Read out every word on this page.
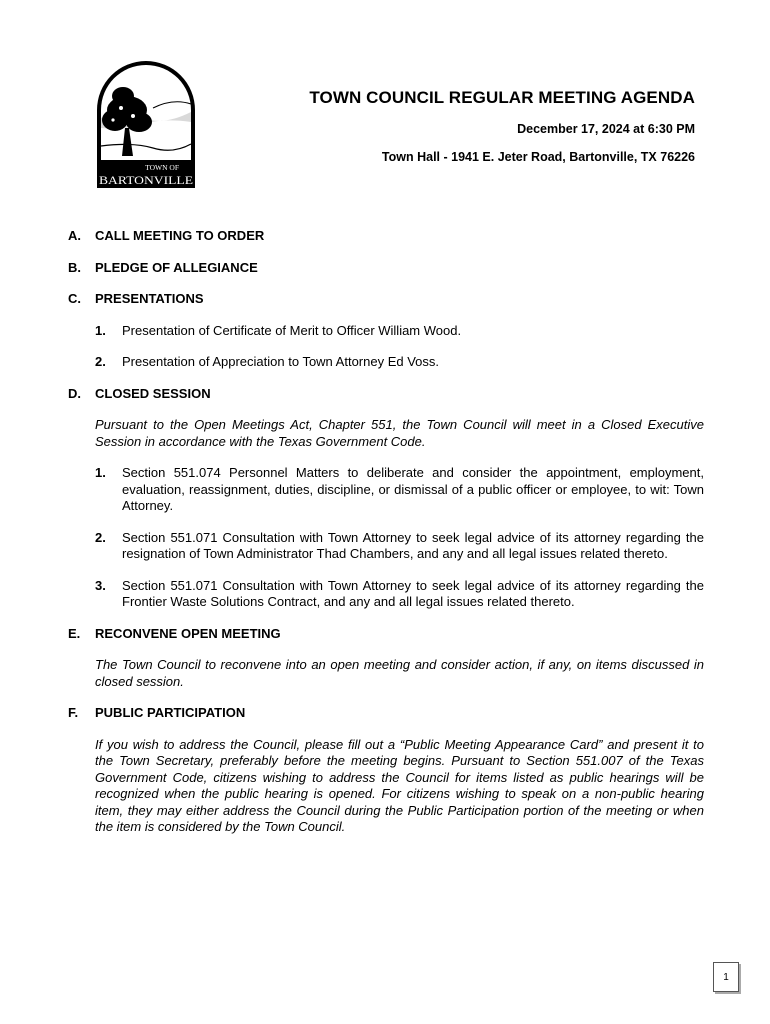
TOWN OF
BARTONVILLE

TOWN COUNCIL REGULAR MEETING AGENDA

December 17, 2024 at 6:30 PM

Town Hall - 1941 E. Jeter Road, Bartonville, TX 76226

A.	CALL MEETING TO ORDER
B.	PLEDGE OF ALLEGIANCE
C.	PRESENTATIONS
1.	Presentation of Certificate of Merit to Officer William Wood.
2.	Presentation of Appreciation to Town Attorney Ed Voss.
D.	CLOSED SESSION

Pursuant to the Open Meetings Act, Chapter 551, the Town Council will meet in a Closed Executive Session in accordance with the Texas Government Code.

1.	Section 551.074 Personnel Matters to deliberate and consider the appointment, employment, evaluation, reassignment, duties, discipline, or dismissal of a public officer or employee, to wit: Town Attorney.
2.	Section 551.071 Consultation with Town Attorney to seek legal advice of its attorney regarding the resignation of Town Administrator Thad Chambers, and any and all legal issues related thereto.
3.	Section 551.071 Consultation with Town Attorney to seek legal advice of its attorney regarding the Frontier Waste Solutions Contract, and any and all legal issues related thereto.
E.	RECONVENE OPEN MEETING

The Town Council to reconvene into an open meeting and consider action, if any, on items discussed in closed session.

F.	PUBLIC PARTICIPATION

If you wish to address the Council, please fill out a “Public Meeting Appearance Card” and present it to the Town Secretary, preferably before the meeting begins. Pursuant to Section 551.007 of the Texas Government Code, citizens wishing to address the Council for items listed as public hearings will be recognized when the public hearing is opened. For citizens wishing to speak on a non-public hearing item, they may either address the Council during the Public Participation portion of the meeting or when the item is considered by the Town Council.

1
